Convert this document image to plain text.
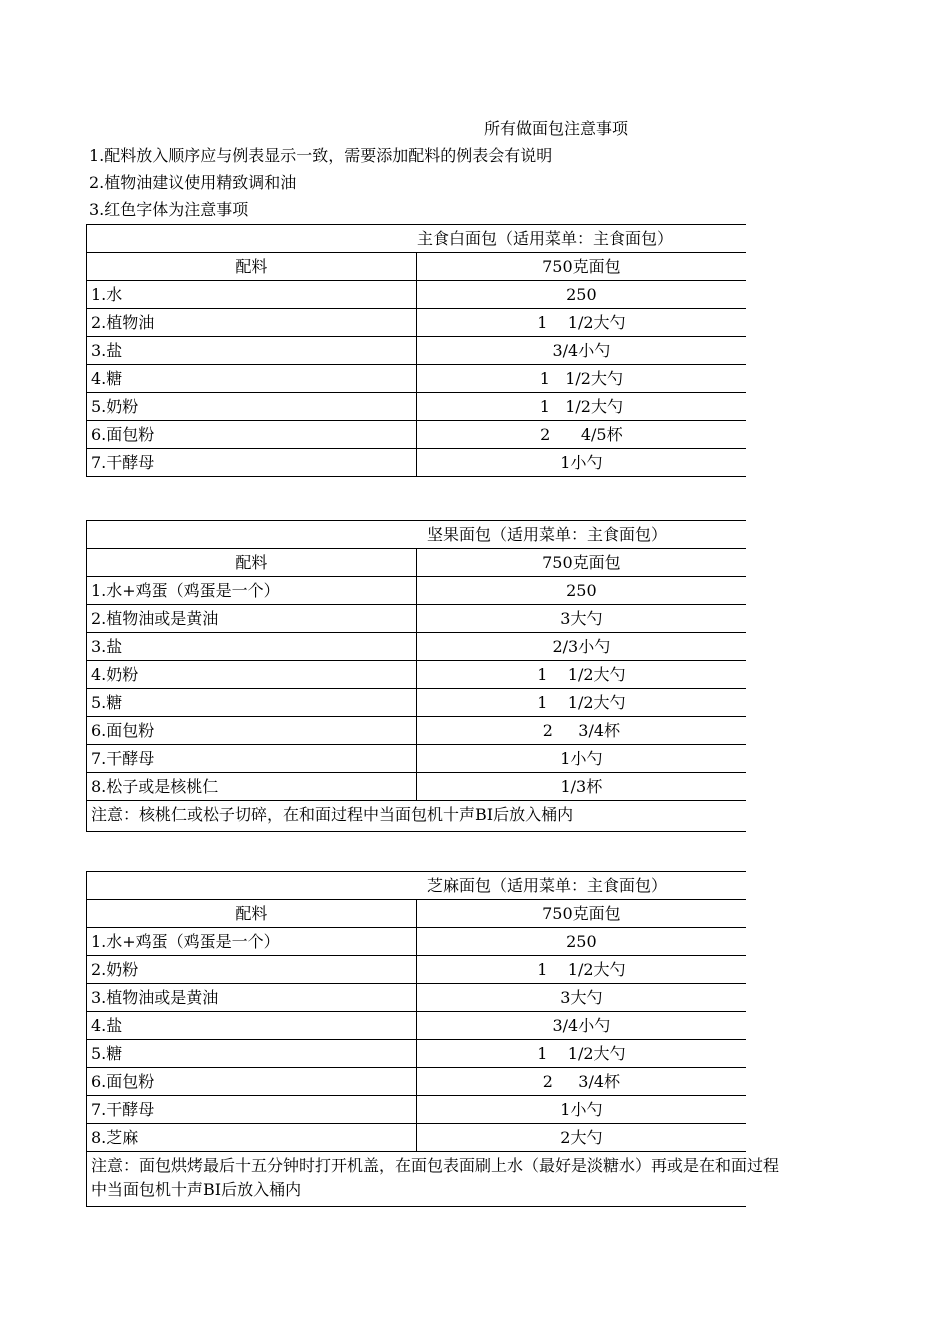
所有做面包注意事项
1.配料放入顺序应与例表显示一致，需要添加配料的例表会有说明
2.植物油建议使用精致调和油
3.红色字体为注意事项
主食白面包（适用菜单：主食面包）	
配料	750克面包
1.水	250
2.植物油	1    1/2大勺
3.盐	3/4小勺
4.糖	1   1/2大勺
5.奶粉	1   1/2大勺
6.面包粉	2      4/5杯
7.干酵母	1小勺
坚果面包（适用菜单：主食面包）	
配料	750克面包
1.水+鸡蛋（鸡蛋是一个）	250
2.植物油或是黄油	3大勺
3.盐	2/3小勺
4.奶粉	1    1/2大勺
5.糖	1    1/2大勺
6.面包粉	2     3/4杯
7.干酵母	1小勺
8.松子或是核桃仁	1/3杯

注意：核桃仁或松子切碎，在和面过程中当面包机十声BI后放入桶内	
芝麻面包（适用菜单：主食面包）	
配料	750克面包
1.水+鸡蛋（鸡蛋是一个）	250
2.奶粉	1    1/2大勺
3.植物油或是黄油	3大勺
4.盐	3/4小勺
5.糖	1    1/2大勺
6.面包粉	2     3/4杯
7.干酵母	1小勺
8.芝麻	2大勺

注意：面包烘烤最后十五分钟时打开机盖，在面包表面刷上水（最好是淡糖水）再或是在和面过程中当面包机十声BI后放入桶内	
